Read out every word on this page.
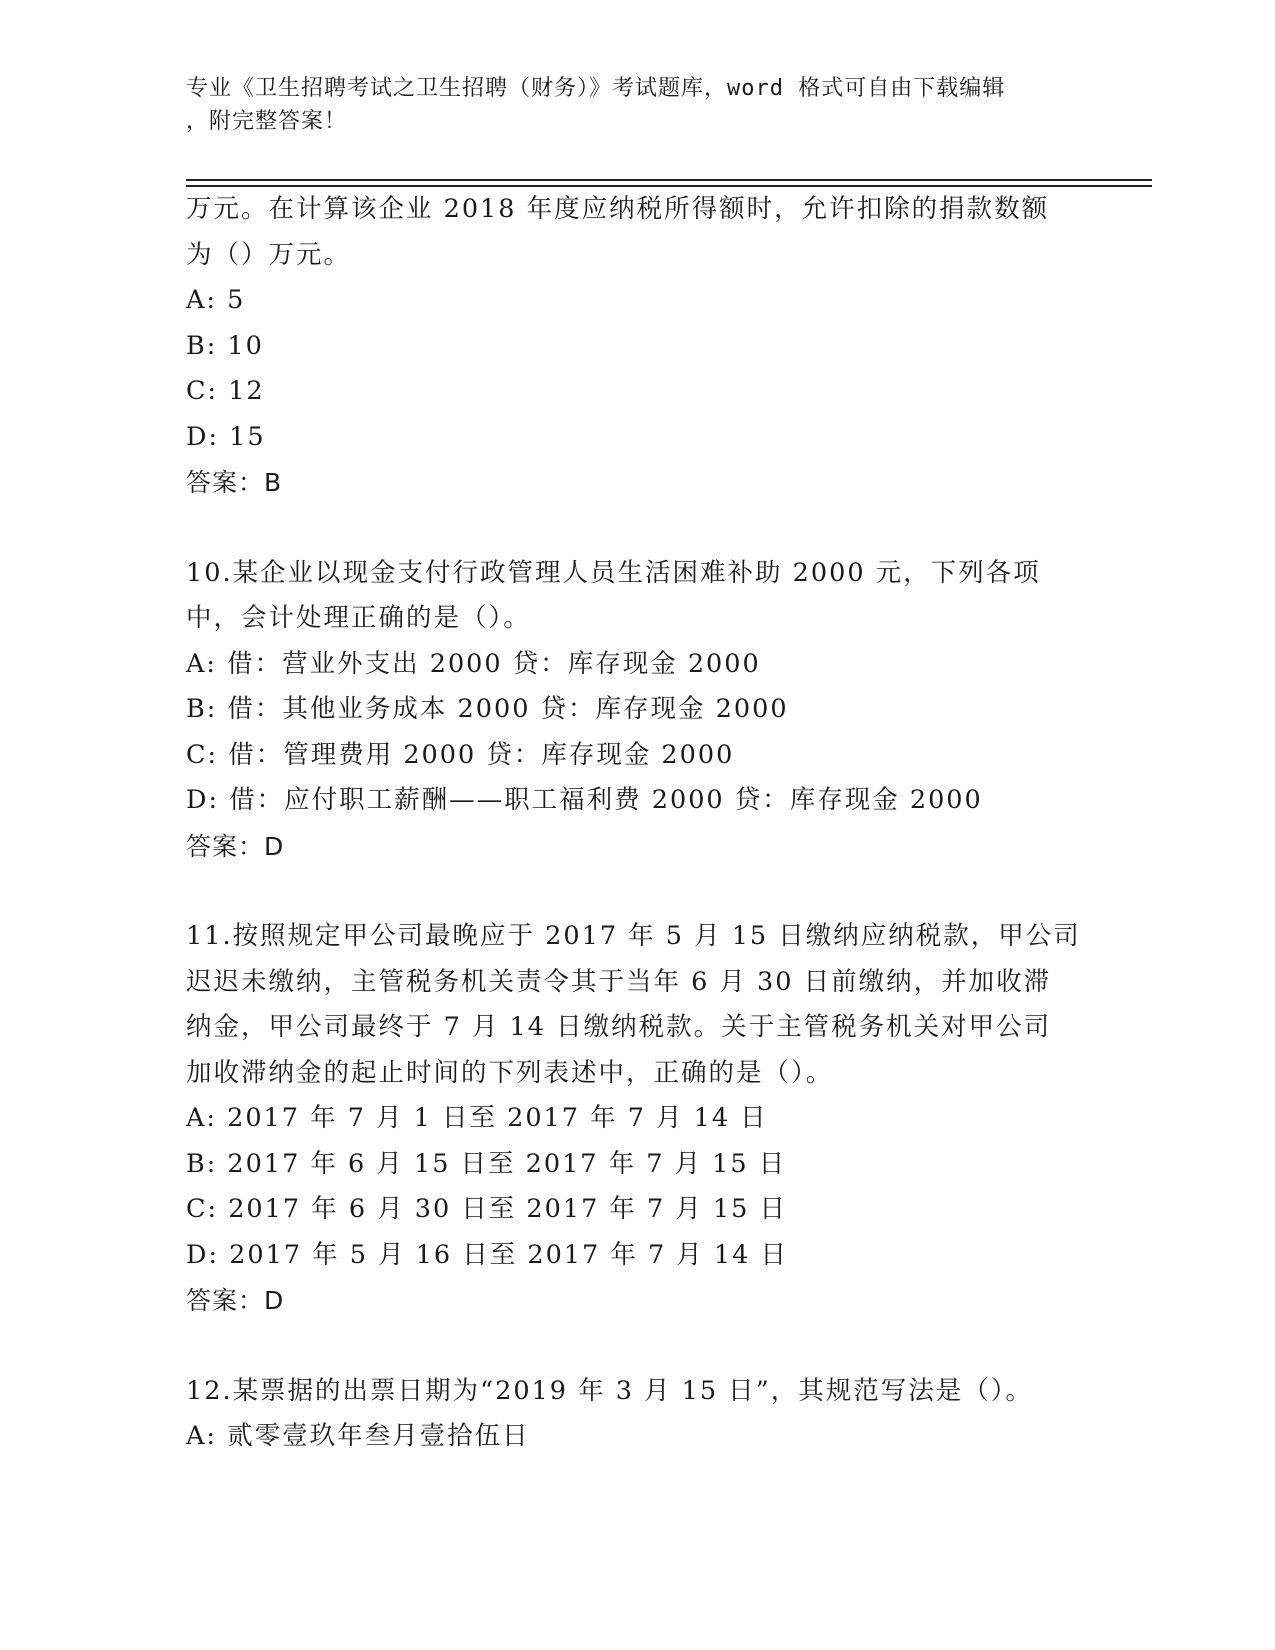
专业《卫生招聘考试之卫生招聘（财务）》考试题库，word 格式可自由下载编辑
，附完整答案！
万元。在计算该企业 2018 年度应纳税所得额时，允许扣除的捐款数额
为（）万元。
A: 5
B: 10
C: 12
D: 15
答案：B
10.某企业以现金支付行政管理人员生活困难补助 2000 元，下列各项
中，会计处理正确的是（）。
A: 借：营业外支出 2000 贷：库存现金 2000
B: 借：其他业务成本 2000 贷：库存现金 2000
C: 借：管理费用 2000 贷：库存现金 2000
D: 借：应付职工薪酬——职工福利费 2000 贷：库存现金 2000
答案：D
11.按照规定甲公司最晚应于 2017 年 5 月 15 日缴纳应纳税款，甲公司
迟迟未缴纳，主管税务机关责令其于当年 6 月 30 日前缴纳，并加收滞
纳金，甲公司最终于 7 月 14 日缴纳税款。关于主管税务机关对甲公司
加收滞纳金的起止时间的下列表述中，正确的是（）。
A: 2017 年 7 月 1 日至 2017 年 7 月 14 日
B: 2017 年 6 月 15 日至 2017 年 7 月 15 日
C: 2017 年 6 月 30 日至 2017 年 7 月 15 日
D: 2017 年 5 月 16 日至 2017 年 7 月 14 日
答案：D
12.某票据的出票日期为“2019 年 3 月 15 日”，其规范写法是（）。
A: 贰零壹玖年叁月壹拾伍日
